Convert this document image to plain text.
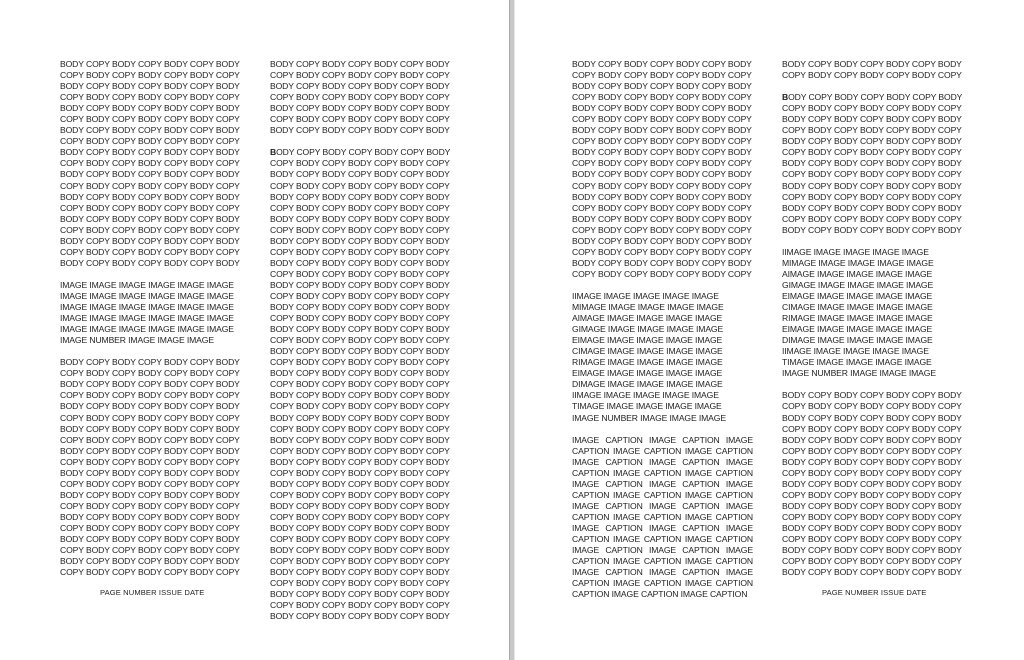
BODY COPY BODY COPY BODY COPY BODY
COPY BODY COPY BODY COPY BODY COPY
BODY COPY BODY COPY BODY COPY BODY
COPY BODY COPY BODY COPY BODY COPY
BODY COPY BODY COPY BODY COPY BODY
COPY BODY COPY BODY COPY BODY COPY
BODY COPY BODY COPY BODY COPY BODY
COPY BODY COPY BODY COPY BODY COPY
BODY COPY BODY COPY BODY COPY BODY
COPY BODY COPY BODY COPY BODY COPY
BODY COPY BODY COPY BODY COPY BODY
COPY BODY COPY BODY COPY BODY COPY
BODY COPY BODY COPY BODY COPY BODY
COPY BODY COPY BODY COPY BODY COPY
BODY COPY BODY COPY BODY COPY BODY
COPY BODY COPY BODY COPY BODY COPY
BODY COPY BODY COPY BODY COPY BODY
COPY BODY COPY BODY COPY BODY COPY
BODY COPY BODY COPY BODY COPY BODY
IMAGE IMAGE IMAGE IMAGE IMAGE IMAGE
IMAGE IMAGE IMAGE IMAGE IMAGE IMAGE
IMAGE IMAGE IMAGE IMAGE IMAGE IMAGE
IMAGE IMAGE IMAGE IMAGE IMAGE IMAGE
IMAGE IMAGE IMAGE IMAGE IMAGE IMAGE
IMAGE NUMBER IMAGE IMAGE IMAGE
BODY COPY BODY COPY BODY COPY BODY
COPY BODY COPY BODY COPY BODY COPY
BODY COPY BODY COPY BODY COPY BODY
COPY BODY COPY BODY COPY BODY COPY
BODY COPY BODY COPY BODY COPY BODY
COPY BODY COPY BODY COPY BODY COPY
BODY COPY BODY COPY BODY COPY BODY
COPY BODY COPY BODY COPY BODY COPY
BODY COPY BODY COPY BODY COPY BODY
COPY BODY COPY BODY COPY BODY COPY
BODY COPY BODY COPY BODY COPY BODY
COPY BODY COPY BODY COPY BODY COPY
BODY COPY BODY COPY BODY COPY BODY
COPY BODY COPY BODY COPY BODY COPY
BODY COPY BODY COPY BODY COPY BODY
COPY BODY COPY BODY COPY BODY COPY
BODY COPY BODY COPY BODY COPY BODY
COPY BODY COPY BODY COPY BODY COPY
BODY COPY BODY COPY BODY COPY BODY
COPY BODY COPY BODY COPY BODY COPY
BODY COPY BODY COPY BODY COPY BODY
COPY BODY COPY BODY COPY BODY COPY
BODY COPY BODY COPY BODY COPY BODY
COPY BODY COPY BODY COPY BODY COPY
BODY COPY BODY COPY BODY COPY BODY
COPY BODY COPY BODY COPY BODY COPY
BODY COPY BODY COPY BODY COPY BODY
BODY COPY BODY COPY BODY COPY BODY
COPY BODY COPY BODY COPY BODY COPY
BODY COPY BODY COPY BODY COPY BODY
COPY BODY COPY BODY COPY BODY COPY
BODY COPY BODY COPY BODY COPY BODY
COPY BODY COPY BODY COPY BODY COPY
BODY COPY BODY COPY BODY COPY BODY
COPY BODY COPY BODY COPY BODY COPY
BODY COPY BODY COPY BODY COPY BODY
COPY BODY COPY BODY COPY BODY COPY
BODY COPY BODY COPY BODY COPY BODY
COPY BODY COPY BODY COPY BODY COPY
BODY COPY BODY COPY BODY COPY BODY
COPY BODY COPY BODY COPY BODY COPY
BODY COPY BODY COPY BODY COPY BODY
COPY BODY COPY BODY COPY BODY COPY
BODY COPY BODY COPY BODY COPY BODY
COPY BODY COPY BODY COPY BODY COPY
BODY COPY BODY COPY BODY COPY BODY
COPY BODY COPY BODY COPY BODY COPY
BODY COPY BODY COPY BODY COPY BODY
COPY BODY COPY BODY COPY BODY COPY
BODY COPY BODY COPY BODY COPY BODY
COPY BODY COPY BODY COPY BODY COPY
BODY COPY BODY COPY BODY COPY BODY
COPY BODY COPY BODY COPY BODY COPY
BODY COPY BODY COPY BODY COPY BODY
COPY BODY COPY BODY COPY BODY COPY
BODY COPY BODY COPY BODY COPY BODY
COPY BODY COPY BODY COPY BODY COPY
BODY COPY BODY COPY BODY COPY BODY
COPY BODY COPY BODY COPY BODY COPY
BODY COPY BODY COPY BODY COPY BODY
COPY BODY COPY BODY COPY BODY COPY
BODY COPY BODY COPY BODY COPY BODY
COPY BODY COPY BODY COPY BODY COPY
BODY COPY BODY COPY BODY COPY BODY
COPY BODY COPY BODY COPY BODY COPY
BODY COPY BODY COPY BODY COPY BODY
COPY BODY COPY BODY COPY BODY COPY
BODY COPY BODY COPY BODY COPY BODY
COPY BODY COPY BODY COPY BODY COPY
BODY COPY BODY COPY BODY COPY BODY
BODY COPY BODY COPY BODY COPY BODY
COPY BODY COPY BODY COPY BODY COPY
BODY COPY BODY COPY BODY COPY BODY
COPY BODY COPY BODY COPY BODY COPY
BODY COPY BODY COPY BODY COPY BODY
COPY BODY COPY BODY COPY BODY COPY
BODY COPY BODY COPY BODY COPY BODY
COPY BODY COPY BODY COPY BODY COPY
BODY COPY BODY COPY BODY COPY BODY
COPY BODY COPY BODY COPY BODY COPY
BODY COPY BODY COPY BODY COPY BODY
COPY BODY COPY BODY COPY BODY COPY
BODY COPY BODY COPY BODY COPY BODY
COPY BODY COPY BODY COPY BODY COPY
BODY COPY BODY COPY BODY COPY BODY
COPY BODY COPY BODY COPY BODY COPY
BODY COPY BODY COPY BODY COPY BODY
COPY BODY COPY BODY COPY BODY COPY
BODY COPY BODY COPY BODY COPY BODY
COPY BODY COPY BODY COPY BODY COPY
IIMAGE IMAGE IMAGE IMAGE IMAGE
MIMAGE IMAGE IMAGE IMAGE IMAGE
AIMAGE IMAGE IMAGE IMAGE IMAGE
GIMAGE IMAGE IMAGE IMAGE IMAGE
EIMAGE IMAGE IMAGE IMAGE IMAGE
CIMAGE IMAGE IMAGE IMAGE IMAGE
RIMAGE IMAGE IMAGE IMAGE IMAGE
EIMAGE IMAGE IMAGE IMAGE IMAGE
DIMAGE IMAGE IMAGE IMAGE IMAGE
IIMAGE IMAGE IMAGE IMAGE IMAGE
TIMAGE IMAGE IMAGE IMAGE IMAGE
IMAGE NUMBER IMAGE IMAGE IMAGE
IMAGE CAPTION IMAGE CAPTION IMAGE
CAPTION IMAGE CAPTION IMAGE CAPTION
IMAGE CAPTION IMAGE CAPTION IMAGE
CAPTION IMAGE CAPTION IMAGE CAPTION
IMAGE CAPTION IMAGE CAPTION IMAGE
CAPTION IMAGE CAPTION IMAGE CAPTION
IMAGE CAPTION IMAGE CAPTION IMAGE
CAPTION IMAGE CAPTION IMAGE CAPTION
IMAGE CAPTION IMAGE CAPTION IMAGE
CAPTION IMAGE CAPTION IMAGE CAPTION
IMAGE CAPTION IMAGE CAPTION IMAGE
CAPTION IMAGE CAPTION IMAGE CAPTION
IMAGE CAPTION IMAGE CAPTION IMAGE
CAPTION IMAGE CAPTION IMAGE CAPTION
CAPTION IMAGE CAPTION IMAGE CAPTION
BODY COPY BODY COPY BODY COPY BODY
COPY BODY COPY BODY COPY BODY COPY
BODY COPY BODY COPY BODY COPY BODY
COPY BODY COPY BODY COPY BODY COPY
BODY COPY BODY COPY BODY COPY BODY
COPY BODY COPY BODY COPY BODY COPY
BODY COPY BODY COPY BODY COPY BODY
COPY BODY COPY BODY COPY BODY COPY
BODY COPY BODY COPY BODY COPY BODY
COPY BODY COPY BODY COPY BODY COPY
BODY COPY BODY COPY BODY COPY BODY
COPY BODY COPY BODY COPY BODY COPY
BODY COPY BODY COPY BODY COPY BODY
COPY BODY COPY BODY COPY BODY COPY
BODY COPY BODY COPY BODY COPY BODY
IIMAGE IMAGE IMAGE IMAGE IMAGE
MIMAGE IMAGE IMAGE IMAGE IMAGE
AIMAGE IMAGE IMAGE IMAGE IMAGE
GIMAGE IMAGE IMAGE IMAGE IMAGE
EIMAGE IMAGE IMAGE IMAGE IMAGE
CIMAGE IMAGE IMAGE IMAGE IMAGE
RIMAGE IMAGE IMAGE IMAGE IMAGE
EIMAGE IMAGE IMAGE IMAGE IMAGE
DIMAGE IMAGE IMAGE IMAGE IMAGE
IIMAGE IMAGE IMAGE IMAGE IMAGE
TIMAGE IMAGE IMAGE IMAGE IMAGE
IMAGE NUMBER IMAGE IMAGE IMAGE
BODY COPY BODY COPY BODY COPY BODY
COPY BODY COPY BODY COPY BODY COPY
BODY COPY BODY COPY BODY COPY BODY
COPY BODY COPY BODY COPY BODY COPY
BODY COPY BODY COPY BODY COPY BODY
COPY BODY COPY BODY COPY BODY COPY
BODY COPY BODY COPY BODY COPY BODY
COPY BODY COPY BODY COPY BODY COPY
BODY COPY BODY COPY BODY COPY BODY
COPY BODY COPY BODY COPY BODY COPY
BODY COPY BODY COPY BODY COPY BODY
COPY BODY COPY BODY COPY BODY COPY
BODY COPY BODY COPY BODY COPY BODY
COPY BODY COPY BODY COPY BODY COPY
BODY COPY BODY COPY BODY COPY BODY
COPY BODY COPY BODY COPY BODY COPY
BODY COPY BODY COPY BODY COPY BODY
PAGE NUMBER ISSUE DATE	PAGE NUMBER ISSUE DATE
